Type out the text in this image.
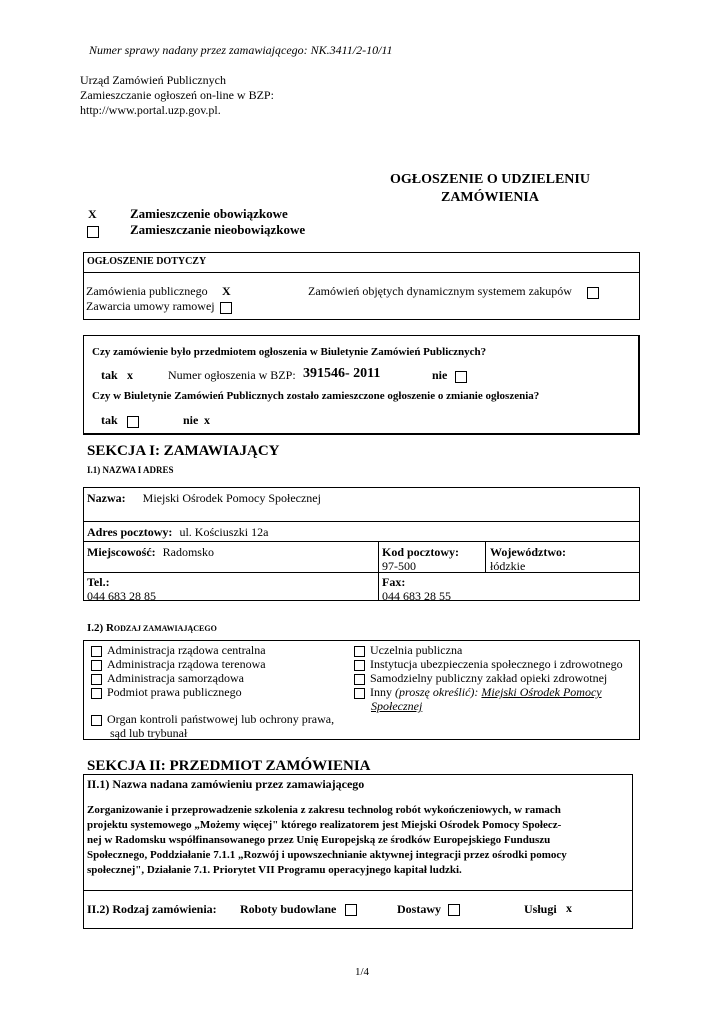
Numer sprawy nadany przez zamawiającego: NK.3411/2-10/11
Urząd Zamówień Publicznych
Zamieszczanie ogłoszeń on-line w BZP:
http://www.portal.uzp.gov.pl.
OGŁOSZENIE O UDZIELENIU
ZAMÓWIENIA
X	Zamieszczenie obowiązkowe
Zamieszczanie nieobowiązkowe
OGŁOSZENIE DOTYCZY
Zamówienia publicznego X	Zamówień objętych dynamicznym systemem zakupów
Zawarcia umowy ramowej
Czy zamówienie było przedmiotem ogłoszenia w Biuletynie Zamówień Publicznych?
tak x	Numer ogłoszenia w BZP: 391546- 2011	nie
Czy w Biuletynie Zamówień Publicznych zostało zamieszczone ogłoszenie o zmianie ogłoszenia?
tak	nie x
SEKCJA I: ZAMAWIAJĄCY
I.1) NAZWA I ADRES
Nazwa: Miejski Ośrodek Pomocy Społecznej
Adres pocztowy: ul. Kościuszki 12a
Miejscowość: Radomsko	Kod pocztowy:
97-500
Województwo:
łódzkie
Tel.:
044 683 28 85
Fax:
044 683 28 55
I.2) RODZAJ ZAMAWIAJĄCEGO
Administracja rządowa centralna
Administracja rządowa terenowa
Administracja samorządowa
Podmiot prawa publicznego
Organ kontroli państwowej lub ochrony prawa,
sąd lub trybunał
Uczelnia publiczna
Instytucja ubezpieczenia społecznego i zdrowotnego
Samodzielny publiczny zakład opieki zdrowotnej
Inny (proszę określić): Miejski Ośrodek Pomocy
Społecznej
SEKCJA II: PRZEDMIOT ZAMÓWIENIA
II.1) Nazwa nadana zamówieniu przez zamawiającego
Zorganizowanie i przeprowadzenie szkolenia z zakresu technolog robót wykończeniowych, w ramach
projektu systemowego „Możemy więcej" którego realizatorem jest Miejski Ośrodek Pomocy Społecz-
nej w Radomsku współfinansowanego przez Unię Europejską ze środków Europejskiego Funduszu
Społecznego, Poddziałanie 7.1.1 „Rozwój i upowszechnianie aktywnej integracji przez ośrodki pomocy
społecznej", Działanie 7.1. Priorytet VII Programu operacyjnego kapitał ludzki.
II.2) Rodzaj zamówienia: Roboty budowlane	Dostawy	Usługi x
1/4
